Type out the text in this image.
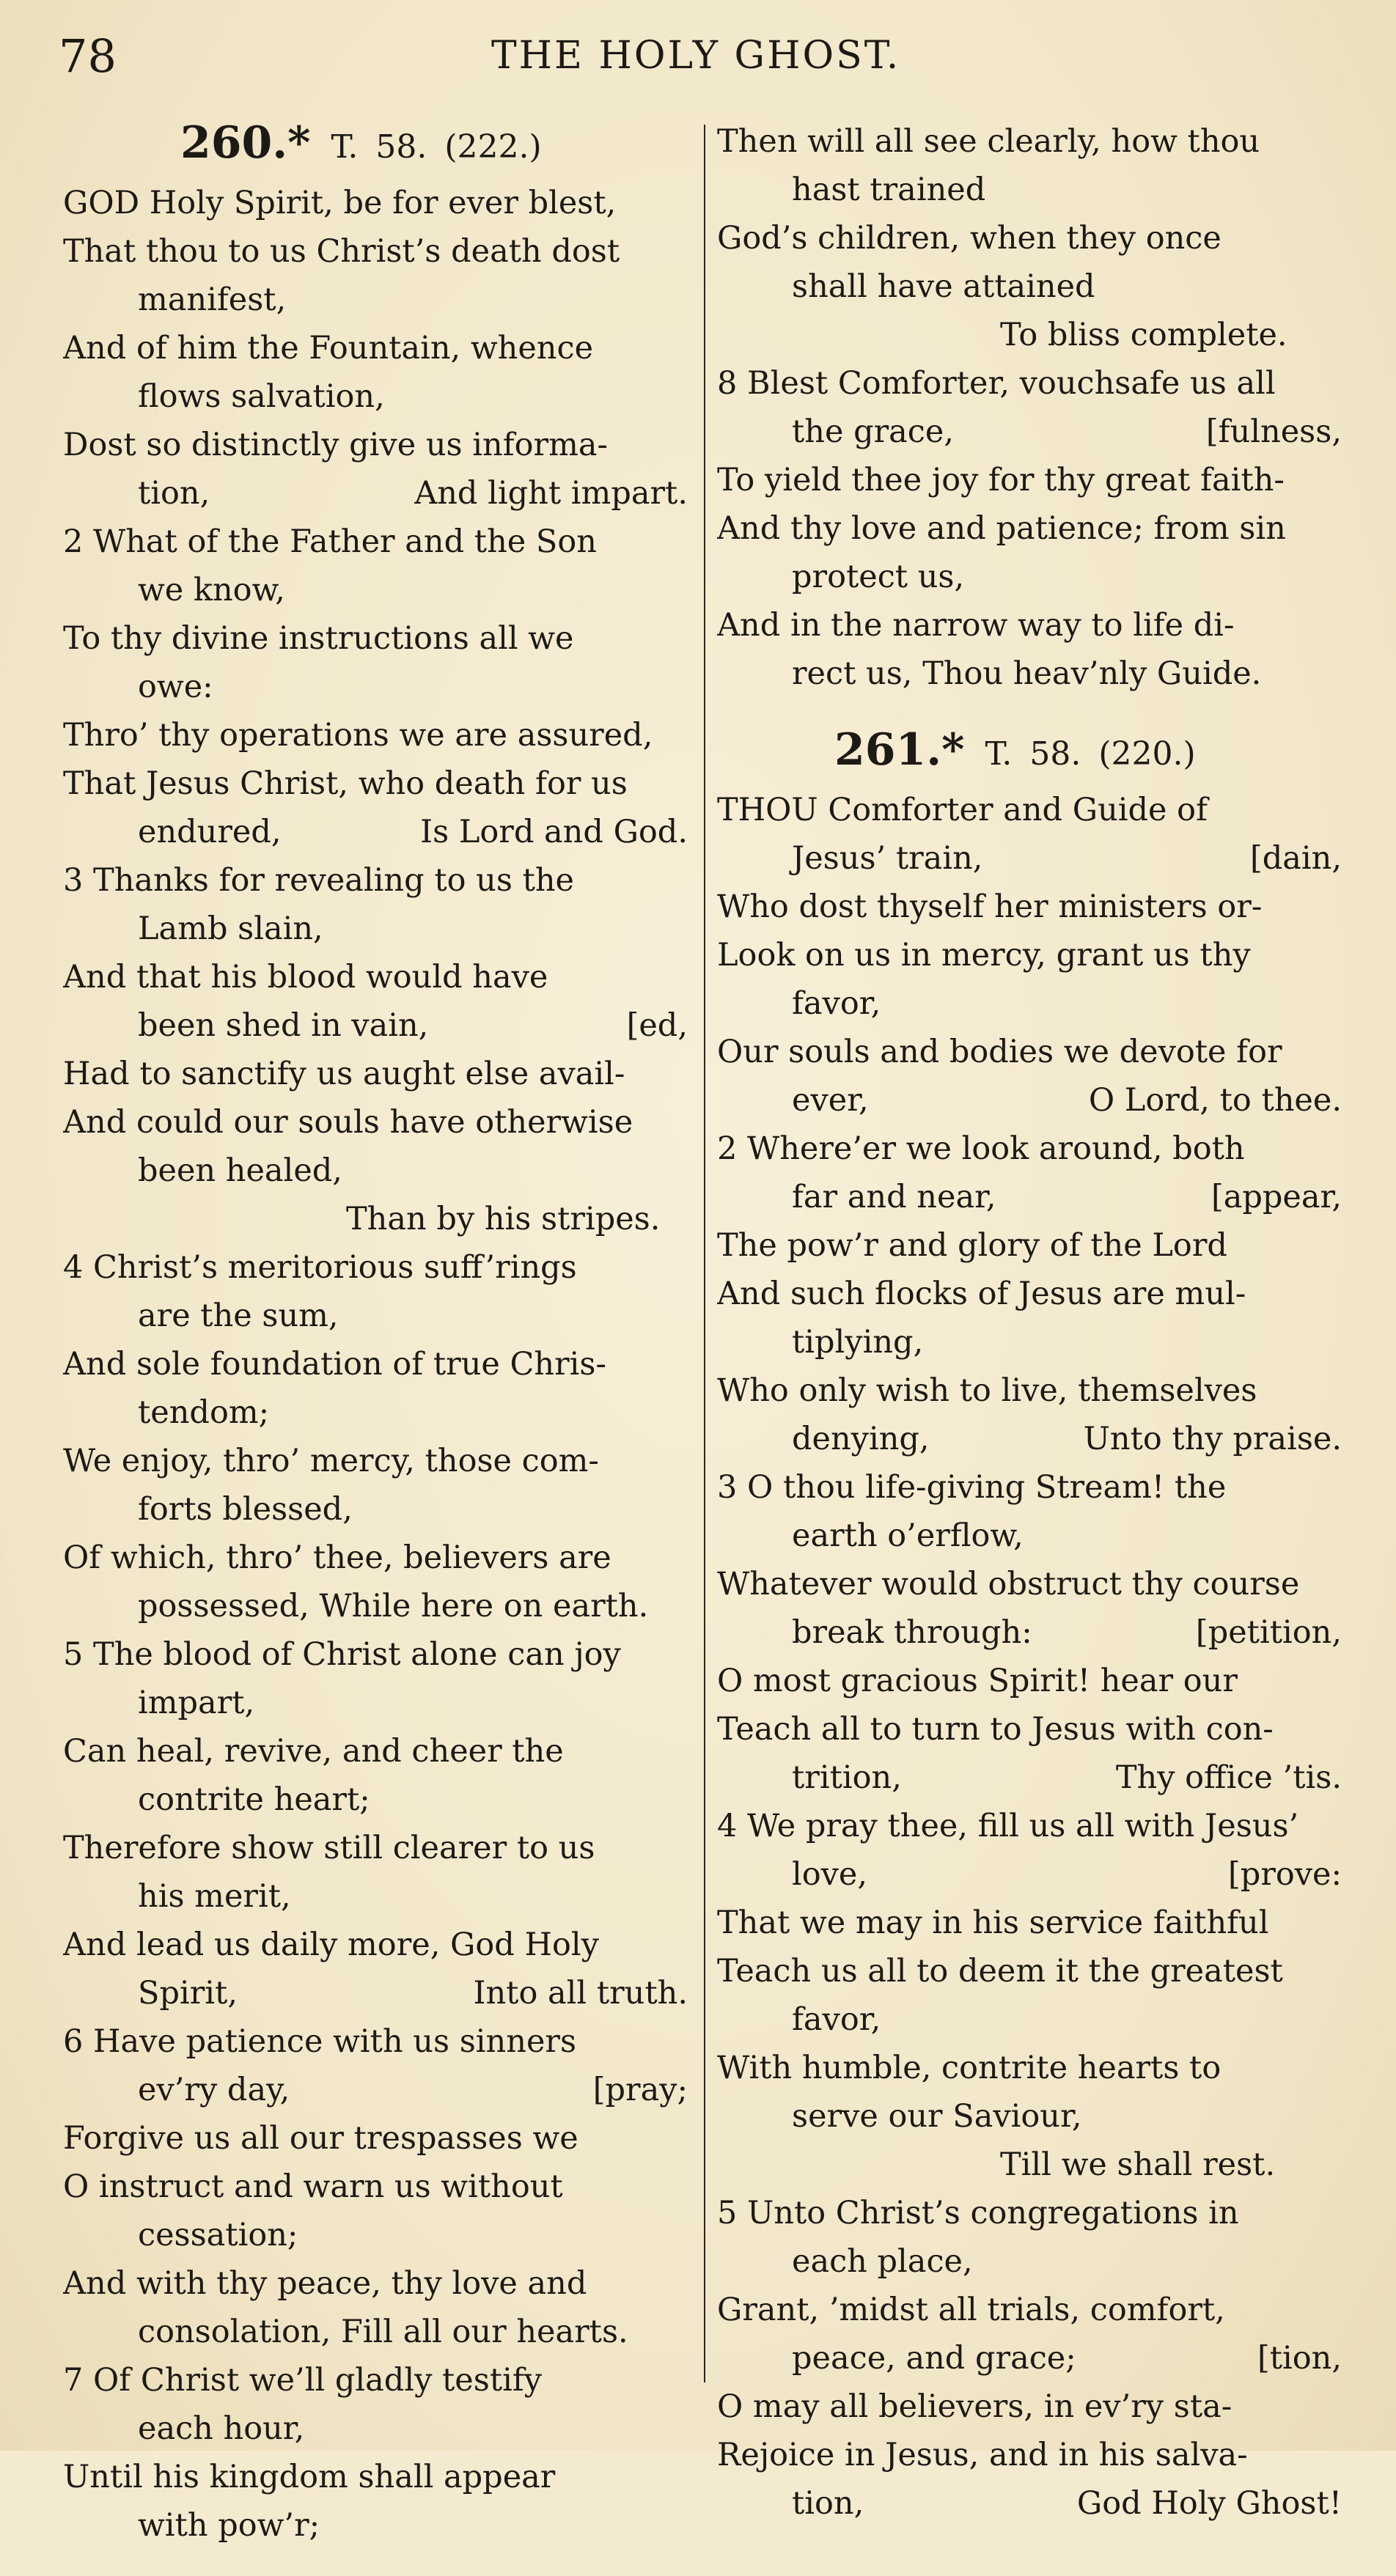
78	THE HOLY GHOST.
260.* T. 58. (222.)
GOD Holy Spirit, be for ever blest,
That thou to us Christ’s death dost
manifest,
And of him the Fountain, whence
flows salvation,
Dost so distinctly give us informa-
tion,	And light impart.
2 What of the Father and the Son
we know,
To thy divine instructions all we
owe:
Thro’ thy operations we are assured,
That Jesus Christ, who death for us
endured,	Is Lord and God.
3 Thanks for revealing to us the
Lamb slain,
And that his blood would have
been shed in vain,	[ed,
Had to sanctify us aught else avail-
And could our souls have otherwise
been healed,
Than by his stripes.
4 Christ’s meritorious suff’rings
are the sum,
And sole foundation of true Chris-
tendom;
We enjoy, thro’ mercy, those com-
forts blessed,
Of which, thro’ thee, believers are
possessed, While here on earth.
5 The blood of Christ alone can joy
impart,
Can heal, revive, and cheer the
contrite heart;
Therefore show still clearer to us
his merit,
And lead us daily more, God Holy
Spirit,	Into all truth.
6 Have patience with us sinners
ev’ry day,	[pray;
Forgive us all our trespasses we
O instruct and warn us without
cessation;
And with thy peace, thy love and
consolation, Fill all our hearts.
7 Of Christ we’ll gladly testify
each hour,
Until his kingdom shall appear
with pow’r;
Then will all see clearly, how thou
hast trained
God’s children, when they once
shall have attained
To bliss complete.
8 Blest Comforter, vouchsafe us all
the grace,	[fulness,
To yield thee joy for thy great faith-
And thy love and patience; from sin
protect us,
And in the narrow way to life di-
rect us, Thou heav’nly Guide.
261.* T. 58. (220.)
THOU Comforter and Guide of
Jesus’ train,	[dain,
Who dost thyself her ministers or-
Look on us in mercy, grant us thy
favor,
Our souls and bodies we devote for
ever,	O Lord, to thee.
2 Where’er we look around, both
far and near,	[appear,
The pow’r and glory of the Lord
And such flocks of Jesus are mul-
tiplying,
Who only wish to live, themselves
denying,	Unto thy praise.
3 O thou life-giving Stream! the
earth o’erflow,
Whatever would obstruct thy course
break through:	[petition,
O most gracious Spirit! hear our
Teach all to turn to Jesus with con-
trition,	Thy office ’tis.
4 We pray thee, fill us all with Jesus’
love,	[prove:
That we may in his service faithful
Teach us all to deem it the greatest
favor,
With humble, contrite hearts to
serve our Saviour,
Till we shall rest.
5 Unto Christ’s congregations in
each place,
Grant, ’midst all trials, comfort,
peace, and grace;	[tion,
O may all believers, in ev’ry sta-
Rejoice in Jesus, and in his salva-
tion,	God Holy Ghost!
